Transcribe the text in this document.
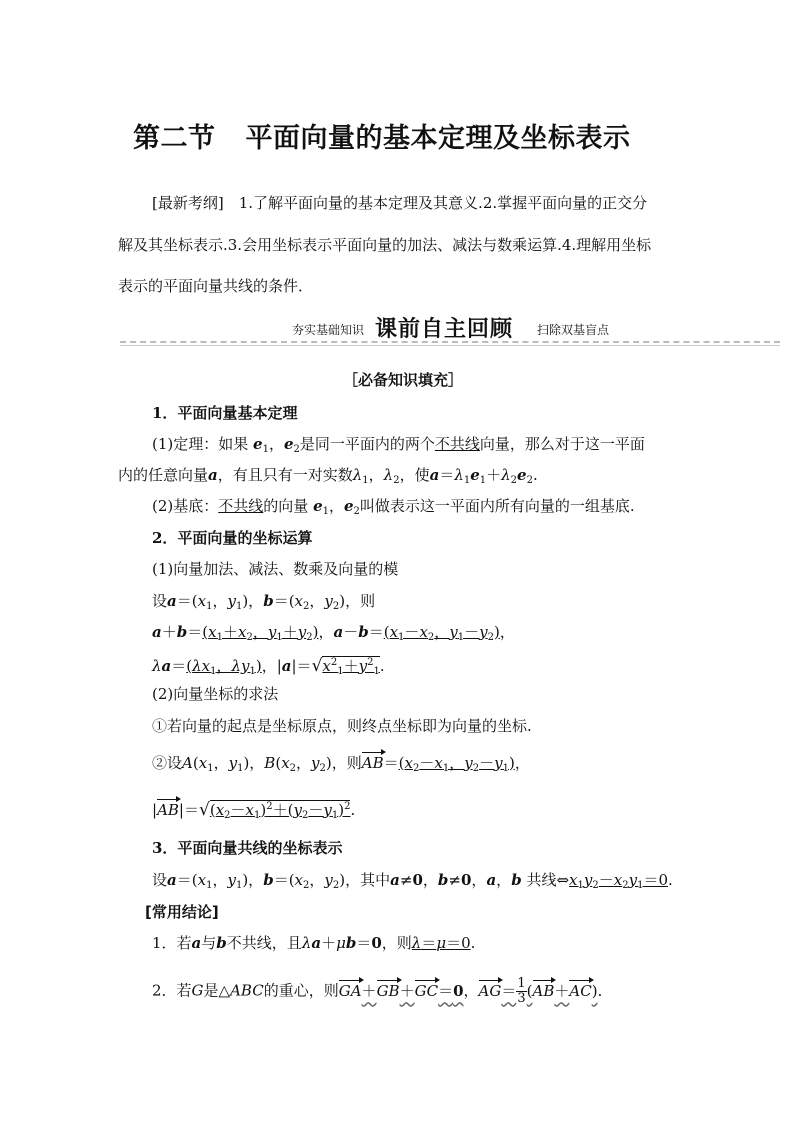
第二节 平面向量的基本定理及坐标表示
[最新考纲]　 1.了解平面向量的基本定理及其意义.2.掌握平面向量的正交分
解及其坐标表示.3.会用坐标表示平面向量的加法、减法与数乘运算.4.理解用坐标
表示的平面向量共线的条件．
夯实基础知识 课前自主回顾 扫除双基盲点
［必备知识填充］
1．平面向量基本定理
(1)定理：如果 $e_1$，$e_2$是同一平面内的两个不共线向量，那么对于这一平面
内的任意向量a，有且只有一对实数$\lambda_1$，$\lambda_2$，使$a=\lambda_1e_1+\lambda_2e_2$.
(2)基底：不共线的向量 $e_1$，$e_2$叫做表示这一平面内所有向量的一组基底.
2．平面向量的坐标运算
(1)向量加法、减法、数乘及向量的模
设$a=(x_1$，$y_1$)，$b=(x_2$，$y_2$)，则
$a+b=(x_1+x_2$，$y_1+y_2$)，$a-b=(x_1-x_2$，$y_1-y_2$)，
$\lambda a=(\lambda x_1$，$\lambda y_1$)，$|a|=√x^2_1+y^2_1$.
(2)向量坐标的求法
①若向量的起点是坐标原点，则终点坐标即为向量的坐标.
②设$A(x_1$，$y_1$)，$B(x_2$，$y_2$)，则$AB=(x_2-x_1$，$y_2-y_1$)，
$|AB|=√(x_2-x_1)^2+(y_2-y_1)^2$.
3．平面向量共线的坐标表示
设$a=(x_1$，$y_1$)，$b=(x_2$，$y_2$)，其中a≠0，b≠0，a，b 共线$\Leftrightarrow x_1y_2-x_2y_1=0$.
[常用结论]
1．若a与b不共线，且λa＋μb＝0，则λ＝μ＝0.
2．若G是△ABC的重心，则GA＋GB＋GC＝0，$AG= \frac{1}{3} (AB+AC)$．
